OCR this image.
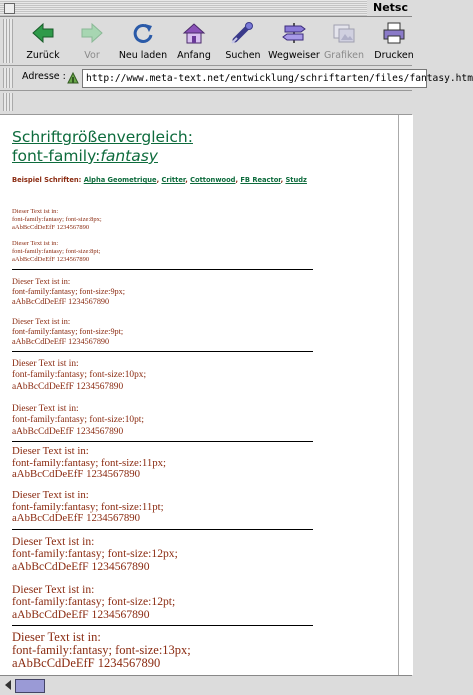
Netsc
Zurück	Vor	Neu laden	Anfang	Suchen Wegweiser Grafiken	Drucken
Adresse :	http://www.meta-text.net/entwicklung/schriftarten/files/fantasy.htm
Schriftgrößenvergleich:
font-family:fantasy
Beispiel Schriften: Alpha Geometrique, Critter, Cottonwood, FB Reactor, Studz
Dieser Text ist in:
font-family:fantasy; font-size:8px;
aAbBcCdDeEfF 1234567890
Dieser Text ist in:
font-family:fantasy; font-size:8pt;
aAbBcCdDeEfF 1234567890
Dieser Text ist in:
font-family:fantasy; font-size:9px;
aAbBcCdDeEfF 1234567890
Dieser Text ist in:
font-family:fantasy; font-size:9pt;
aAbBcCdDeEfF 1234567890
Dieser Text ist in:
font-family:fantasy; font-size:10px;
aAbBcCdDeEfF 1234567890
Dieser Text ist in:
font-family:fantasy; font-size:10pt;
aAbBcCdDeEfF 1234567890
Dieser Text ist in:
font-family:fantasy; font-size:11px;
aAbBcCdDeEfF 1234567890
Dieser Text ist in:
font-family:fantasy; font-size:11pt;
aAbBcCdDeEfF 1234567890
Dieser Text ist in:
font-family:fantasy; font-size:12px;
aAbBcCdDeEfF 1234567890
Dieser Text ist in:
font-family:fantasy; font-size:12pt;
aAbBcCdDeEfF 1234567890
Dieser Text ist in:
font-family:fantasy; font-size:13px;
aAbBcCdDeEfF 1234567890
